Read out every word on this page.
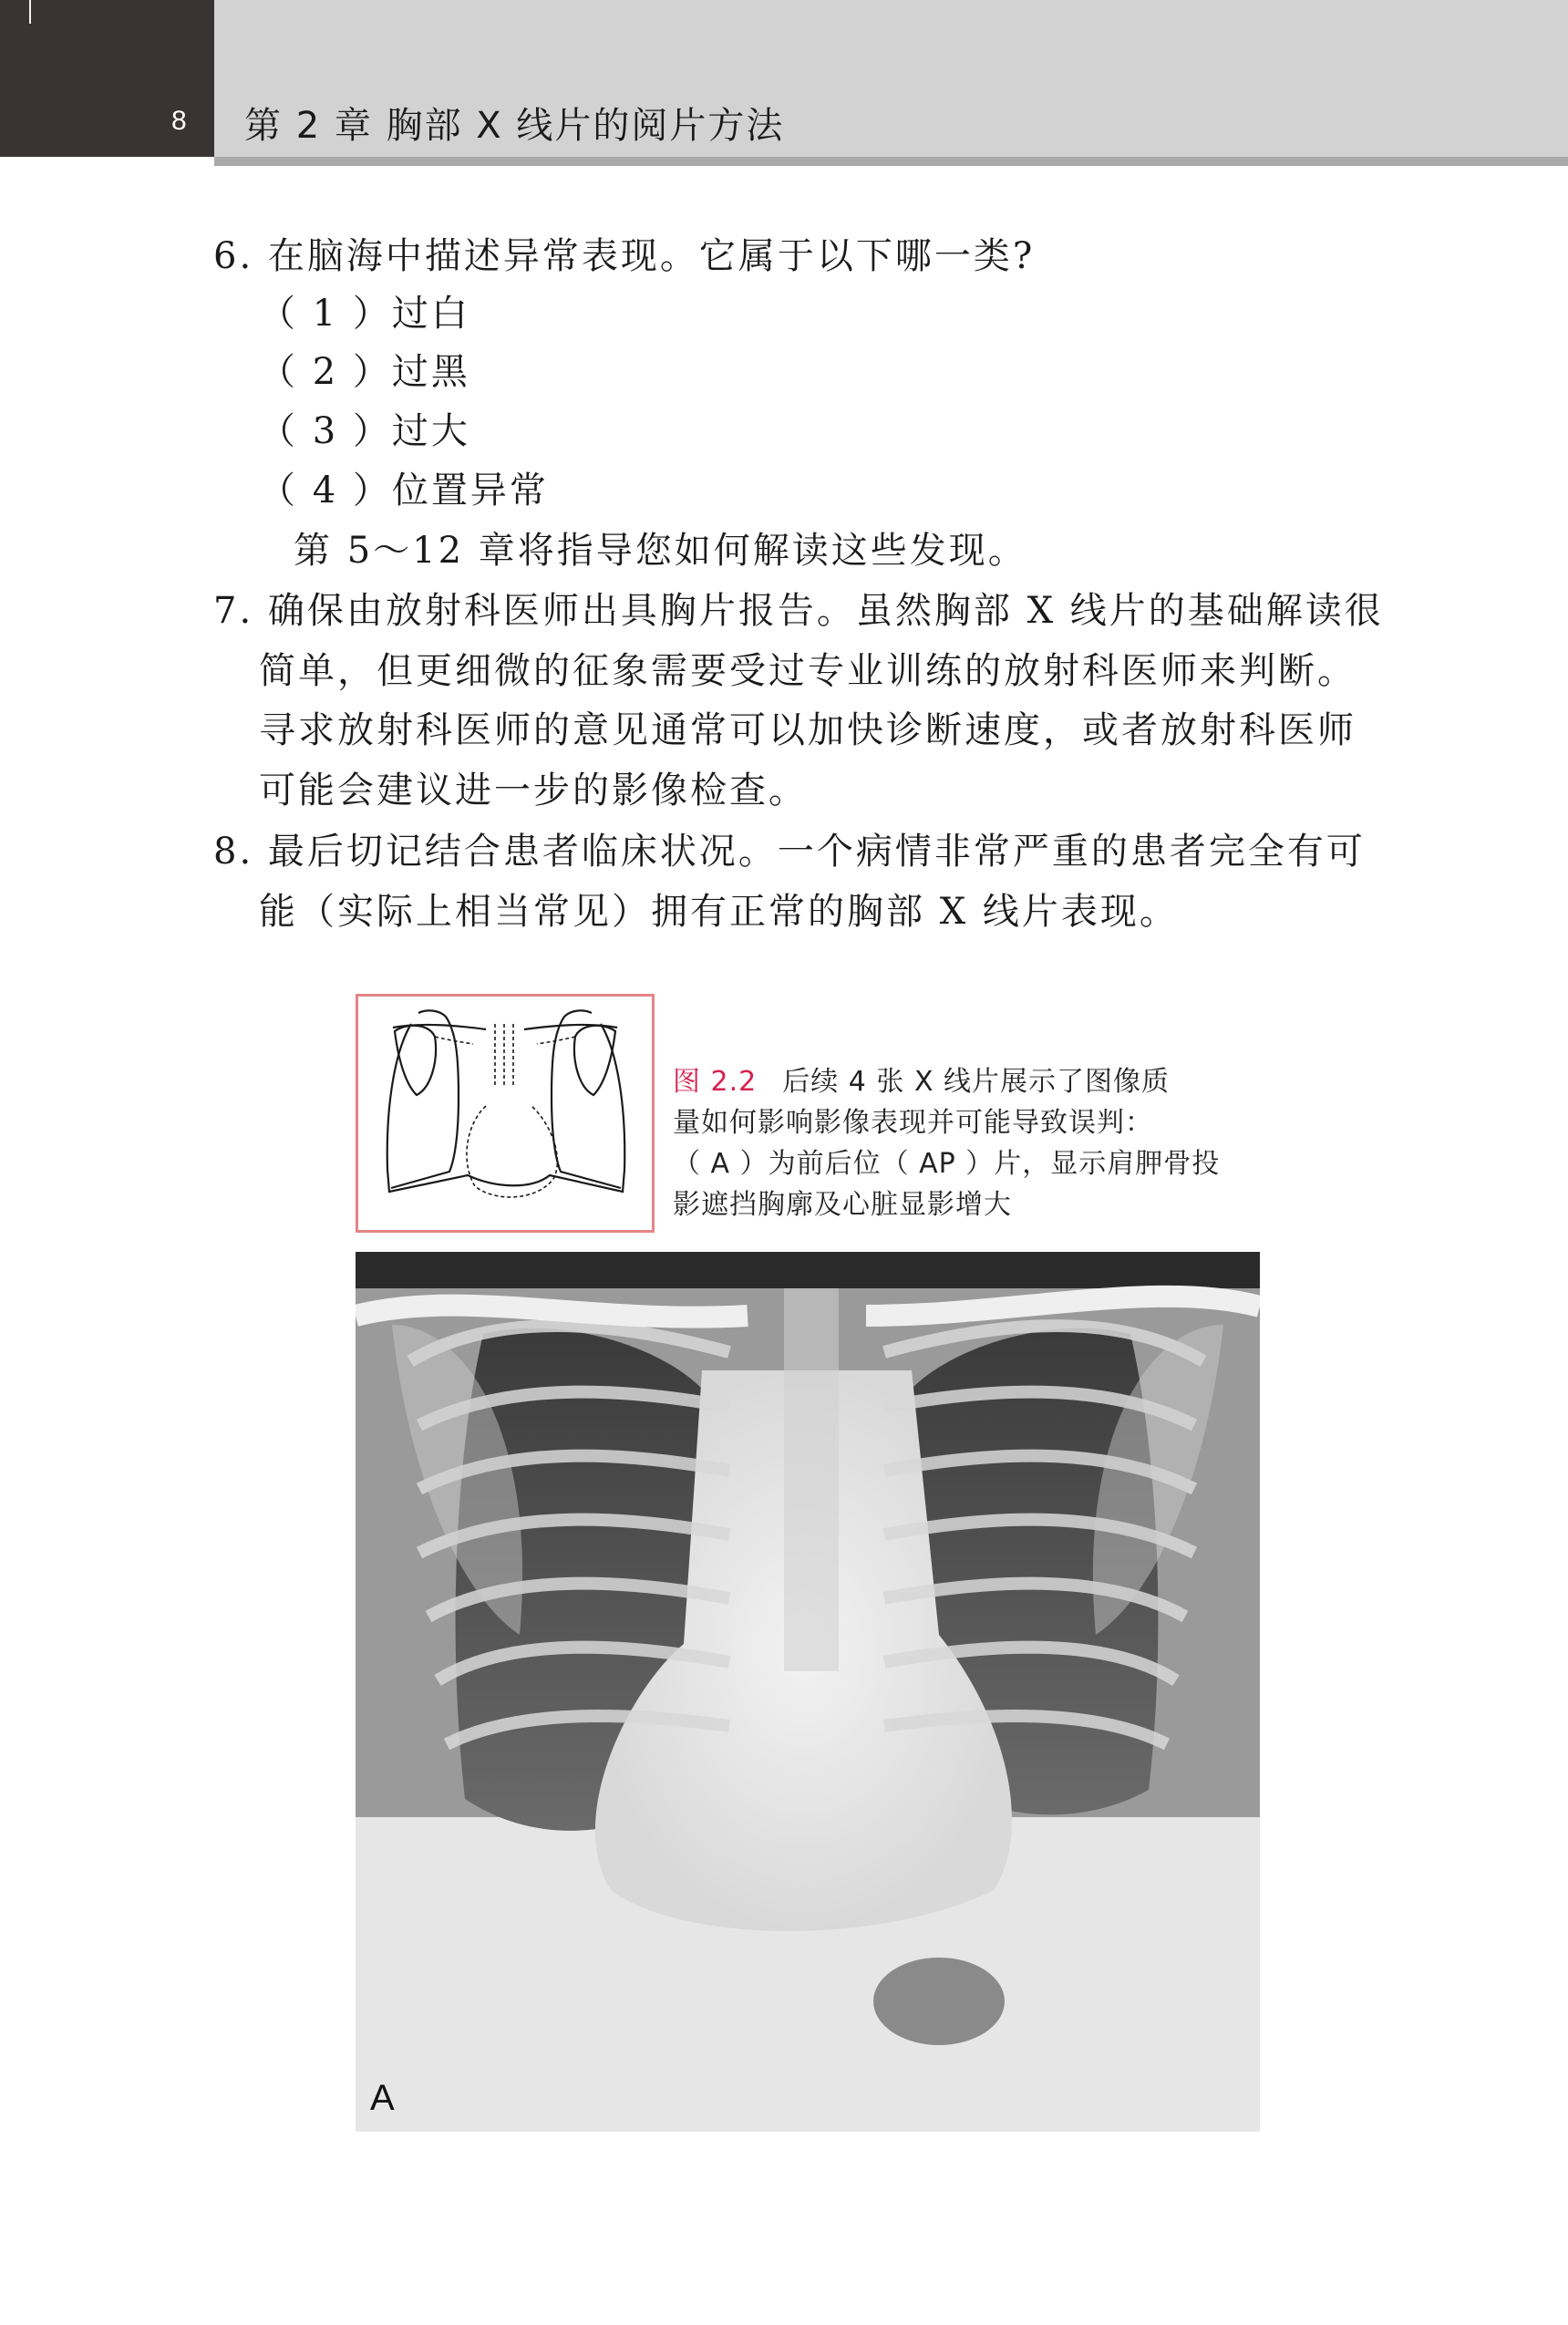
8 第 2 章 胸部 X 线片的阅片方法
6. 在脑海中描述异常表现。它属于以下哪一类?
（ 1 ）过白
（ 2 ）过黑
（ 3 ）过大
（ 4 ）位置异常
第 5～12 章将指导您如何解读这些发现。
7. 确保由放射科医师出具胸片报告。虽然胸部 X 线片的基础解读很
简单，但更细微的征象需要受过专业训练的放射科医师来判断。
寻求放射科医师的意见通常可以加快诊断速度，或者放射科医师
可能会建议进一步的影像检查。
8. 最后切记结合患者临床状况。一个病情非常严重的患者完全有可
能（实际上相当常见）拥有正常的胸部 X 线片表现。
图 2.2 后续 4 张 X 线片展示了图像质
量如何影响影像表现并可能导致误判：
（ A ）为前后位（ AP ）片，显示肩胛骨投
影遮挡胸廓及心脏显影增大
A
